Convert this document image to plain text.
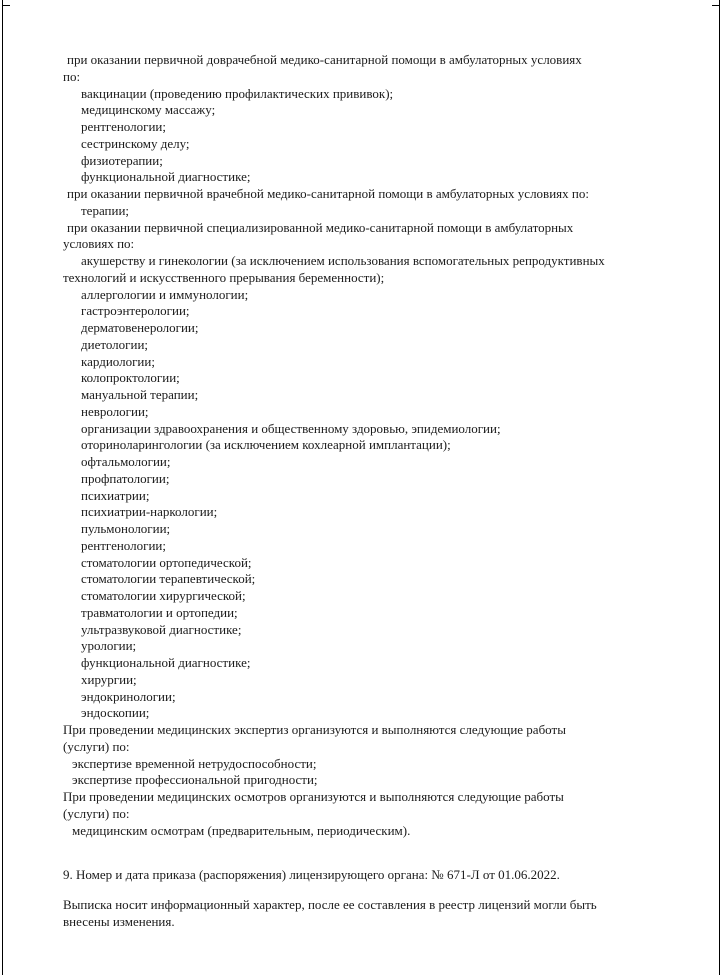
при оказании первичной доврачебной медико-санитарной помощи в амбулаторных условиях
по:
вакцинации (проведению профилактических прививок);
медицинскому массажу;
рентгенологии;
сестринскому делу;
физиотерапии;
функциональной диагностике;
при оказании первичной врачебной медико-санитарной помощи в амбулаторных условиях по:
терапии;
при оказании первичной специализированной медико-санитарной помощи в амбулаторных
условиях по:
акушерству и гинекологии (за исключением использования вспомогательных репродуктивных
технологий и искусственного прерывания беременности);
аллергологии и иммунологии;
гастроэнтерологии;
дерматовенерологии;
диетологии;
кардиологии;
колопроктологии;
мануальной терапии;
неврологии;
организации здравоохранения и общественному здоровью, эпидемиологии;
оториноларингологии (за исключением кохлеарной имплантации);
офтальмологии;
профпатологии;
психиатрии;
психиатрии-наркологии;
пульмонологии;
рентгенологии;
стоматологии ортопедической;
стоматологии терапевтической;
стоматологии хирургической;
травматологии и ортопедии;
ультразвуковой диагностике;
урологии;
функциональной диагностике;
хирургии;
эндокринологии;
эндоскопии;
При проведении медицинских экспертиз организуются и выполняются следующие работы
(услуги) по:
экспертизе временной нетрудоспособности;
экспертизе профессиональной пригодности;
При проведении медицинских осмотров организуются и выполняются следующие работы
(услуги) по:
медицинским осмотрам (предварительным, периодическим).
9. Номер и дата приказа (распоряжения) лицензирующего органа: № 671-Л от 01.06.2022.
Выписка носит информационный характер, после ее составления в реестр лицензий могли быть
внесены изменения.
